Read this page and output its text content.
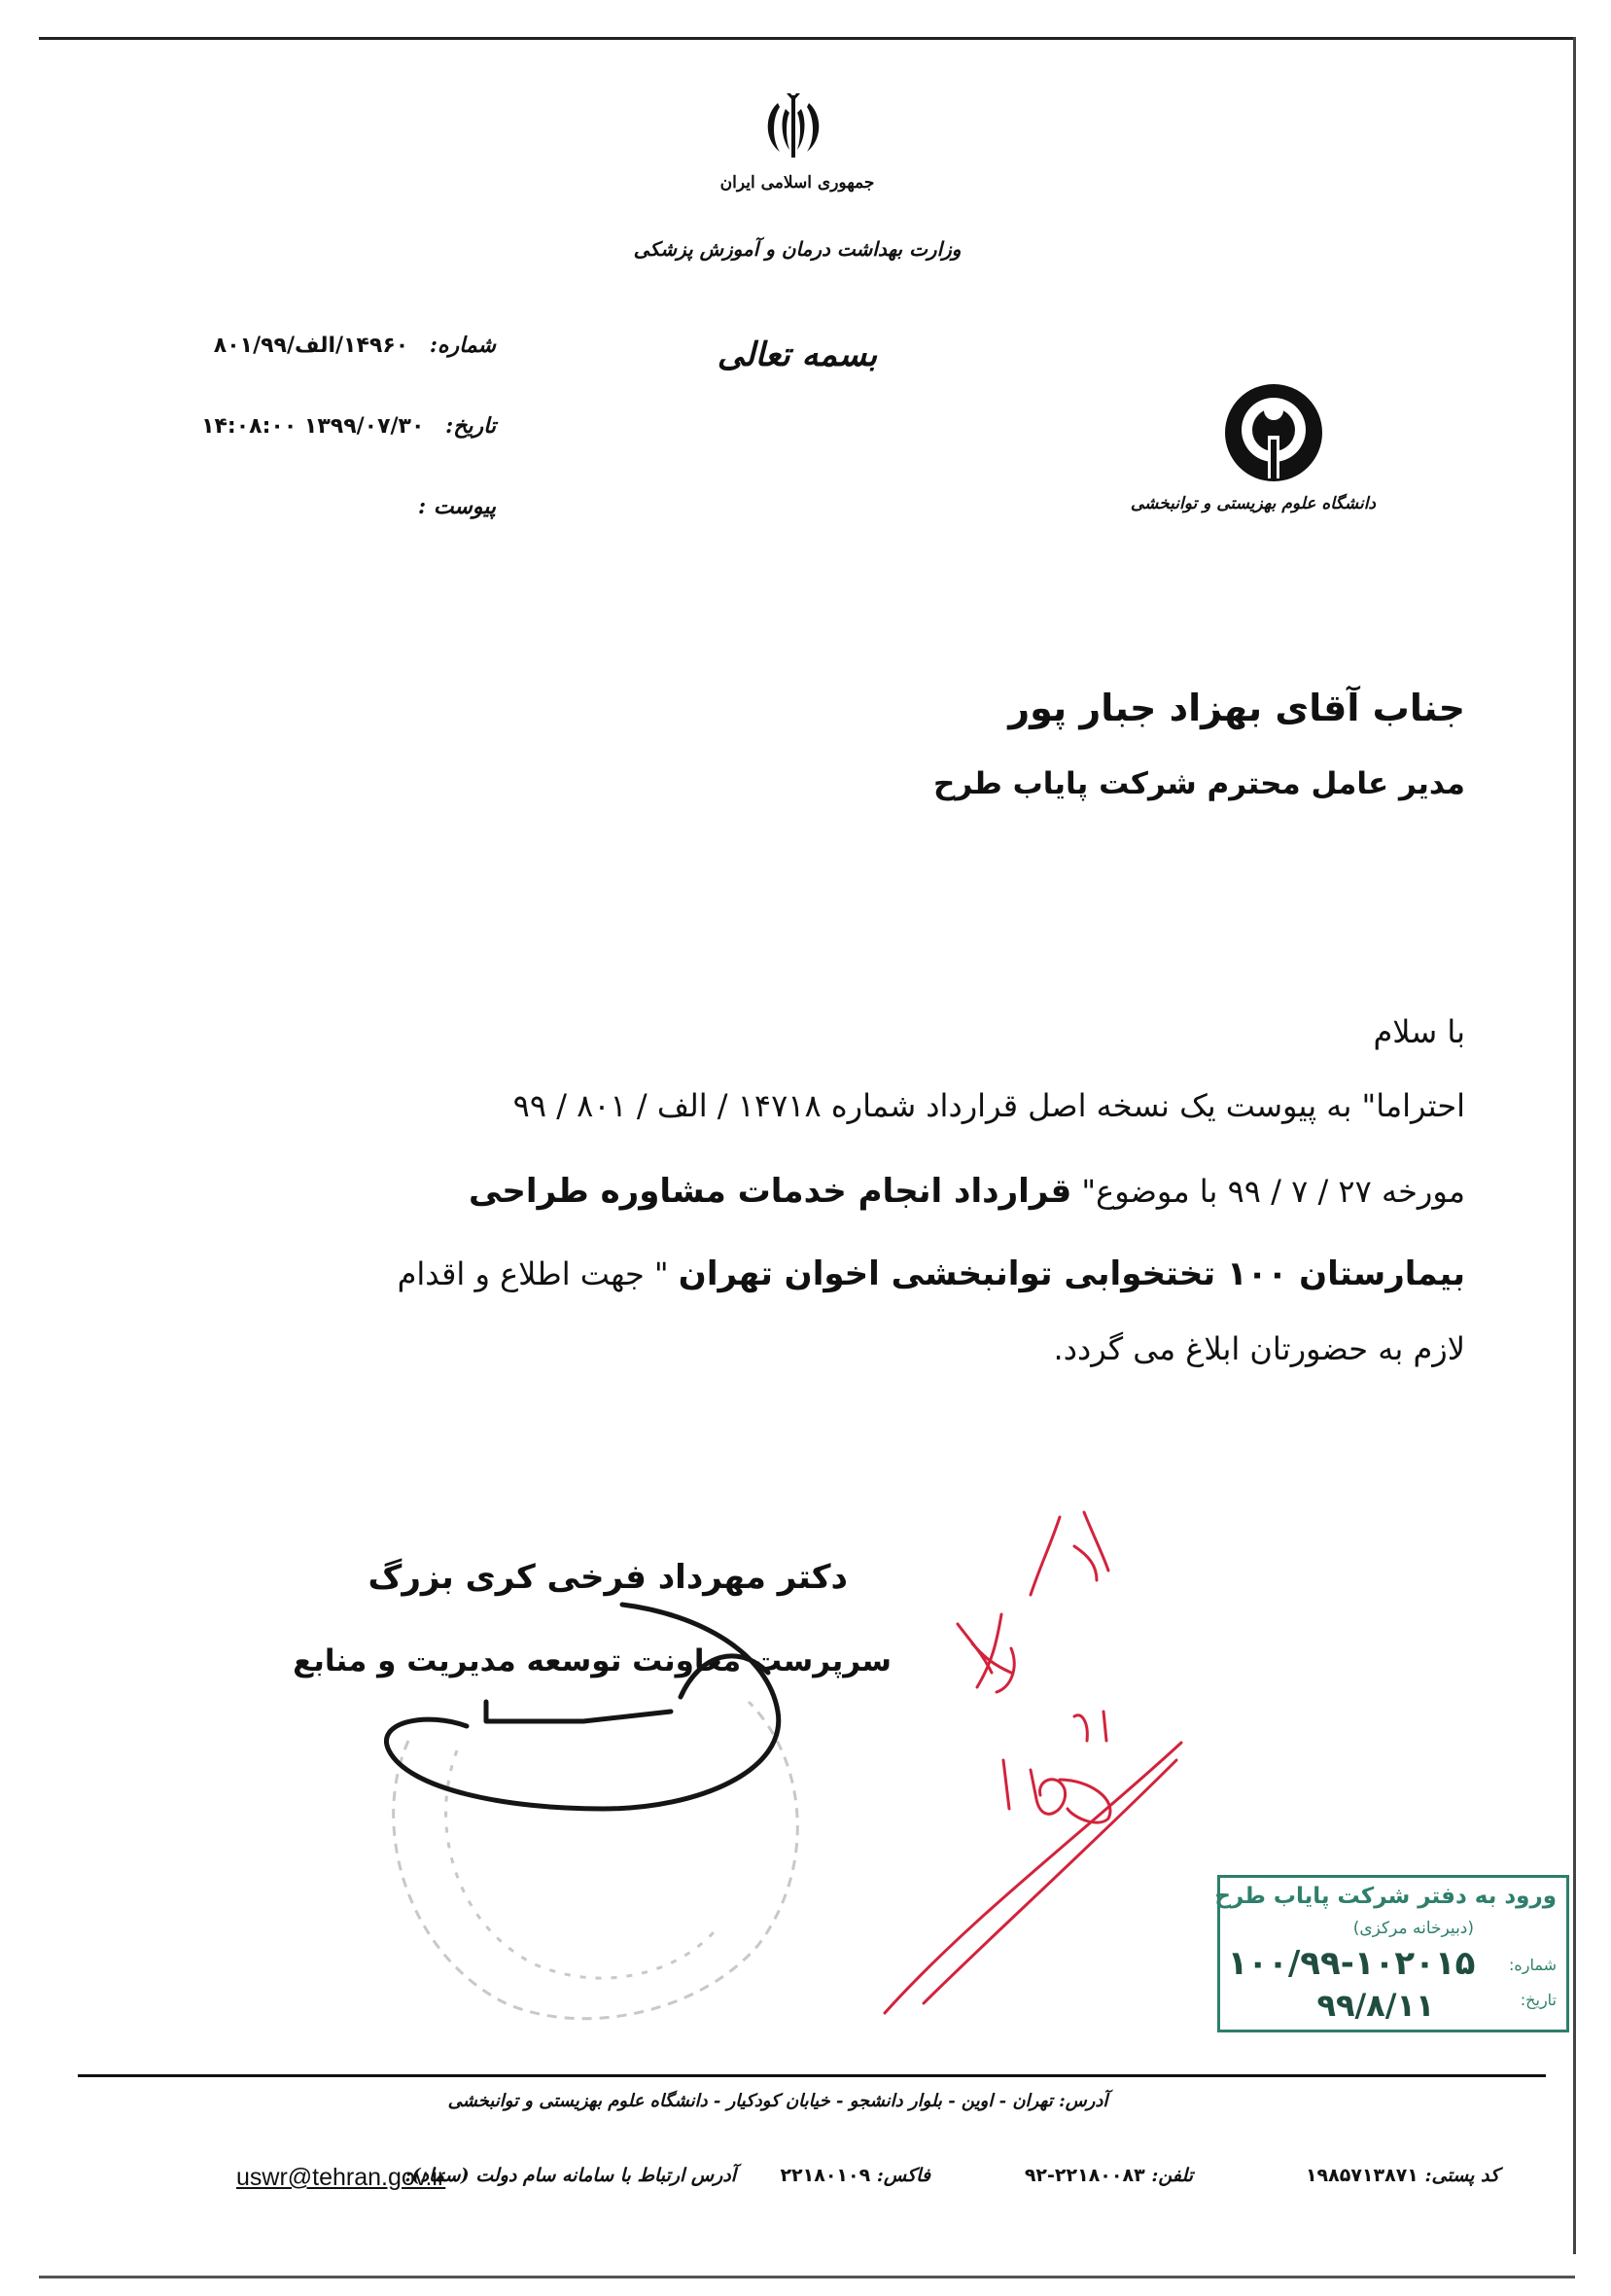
جمهوری اسلامی ایران
وزارت بهداشت درمان و آموزش پزشکی
بسمه تعالی
دانشگاه علوم بهزیستی و توانبخشی
شماره: ۱۴۹۶۰/الف/۸۰۱/۹۹
تاریخ: ۱۳۹۹/۰۷/۳۰ ۱۴:۰۸:۰۰
پیوست :
جناب آقای بهزاد جبار پور
مدیر عامل محترم شرکت پایاب طرح
با سلام
احتراما" به پیوست یک نسخه اصل قرارداد شماره ۱۴۷۱۸ / الف / ۸۰۱ / ۹۹
مورخه ۲۷ / ۷ / ۹۹ با موضوع" قرارداد انجام خدمات مشاوره طراحی
بیمارستان ۱۰۰ تختخوابی توانبخشی اخوان تهران " جهت اطلاع و اقدام
لازم به حضورتان ابلاغ می گردد.
دکتر مهرداد فرخی کری بزرگ
سرپرست معاونت توسعه مدیریت و منابع
ورود به دفتر شرکت پایاب طرح
(دبیرخانه مرکزی)
شماره:
تاریخ:
۱۰۰/۹۹-۱۰۲۰۱۵
۹۹/۸/۱۱
آدرس: تهران - اوین - بلوار دانشجو - خیابان کودکیار - دانشگاه علوم بهزیستی و توانبخشی
کد پستی: ۱۹۸۵۷۱۳۸۷۱
تلفن: ۲۲۱۸۰۰۸۳-۹۲
فاکس: ۲۲۱۸۰۱۰۹
آدرس ارتباط با سامانه سام دولت (سماد):
uswr@tehran.gov.ir
